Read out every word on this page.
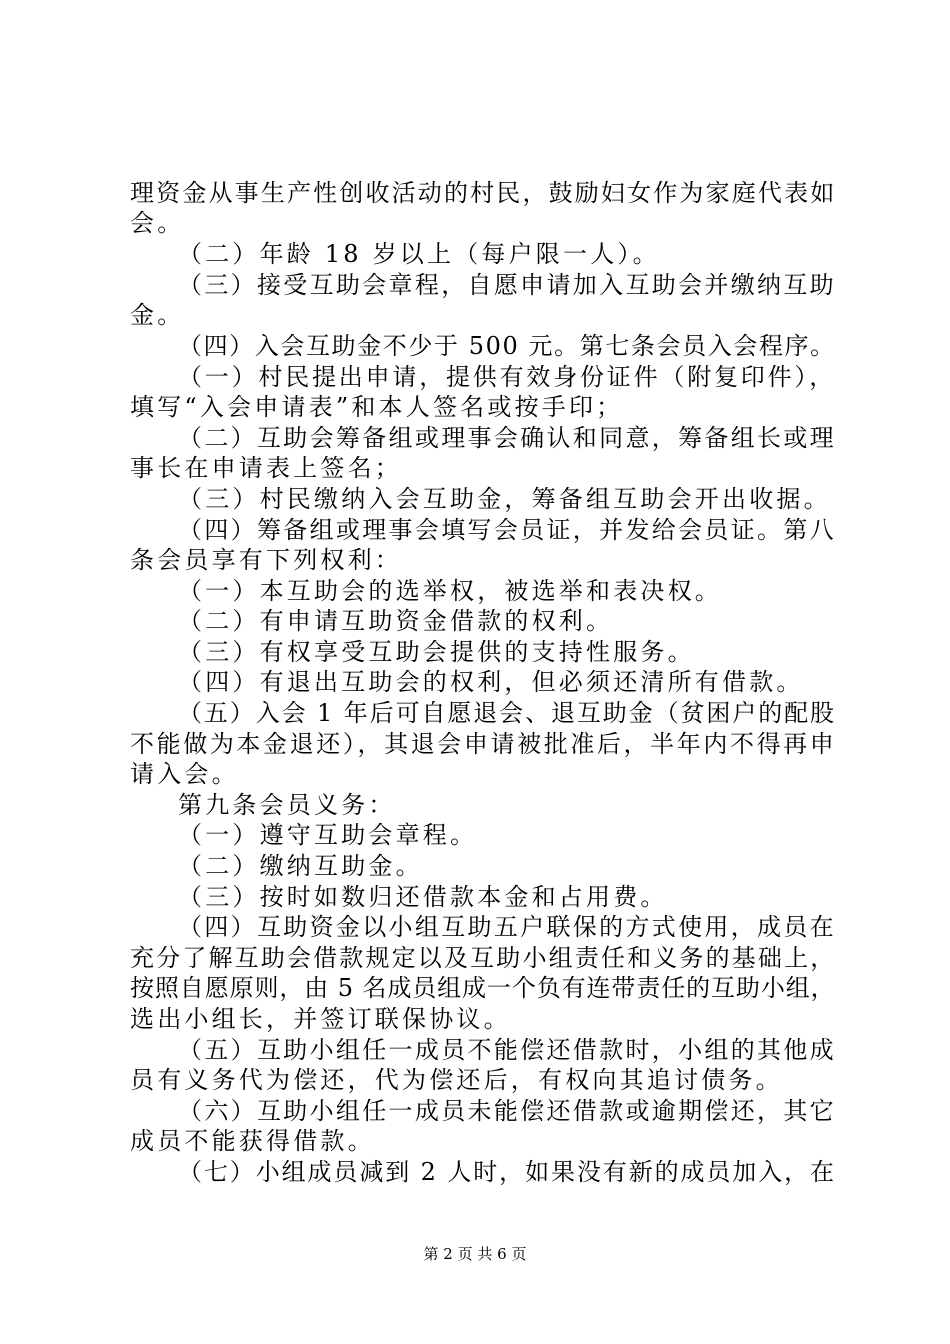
理资金从事生产性创收活动的村民，鼓励妇女作为家庭代表如
会。
（二）年龄 18 岁以上（每户限一人）。
（三）接受互助会章程，自愿申请加入互助会并缴纳互助
金。
（四）入会互助金不少于 500 元。第七条会员入会程序。
（一）村民提出申请，提供有效身份证件（附复印件），
填写“入会申请表”和本人签名或按手印；
（二）互助会筹备组或理事会确认和同意，筹备组长或理
事长在申请表上签名；
（三）村民缴纳入会互助金，筹备组互助会开出收据。
（四）筹备组或理事会填写会员证，并发给会员证。第八
条会员享有下列权利：
（一）本互助会的选举权，被选举和表决权。
（二）有申请互助资金借款的权利。
（三）有权享受互助会提供的支持性服务。
（四）有退出互助会的权利，但必须还清所有借款。
（五）入会 1 年后可自愿退会、退互助金（贫困户的配股
不能做为本金退还），其退会申请被批准后，半年内不得再申
请入会。
第九条会员义务：
（一）遵守互助会章程。
（二）缴纳互助金。
（三）按时如数归还借款本金和占用费。
（四）互助资金以小组互助五户联保的方式使用，成员在
充分了解互助会借款规定以及互助小组责任和义务的基础上，
按照自愿原则，由 5 名成员组成一个负有连带责任的互助小组，
选出小组长，并签订联保协议。
（五）互助小组任一成员不能偿还借款时，小组的其他成
员有义务代为偿还，代为偿还后，有权向其追讨债务。
（六）互助小组任一成员未能偿还借款或逾期偿还，其它
成员不能获得借款。
（七）小组成员减到 2 人时，如果没有新的成员加入，在
第 2 页 共 6 页
